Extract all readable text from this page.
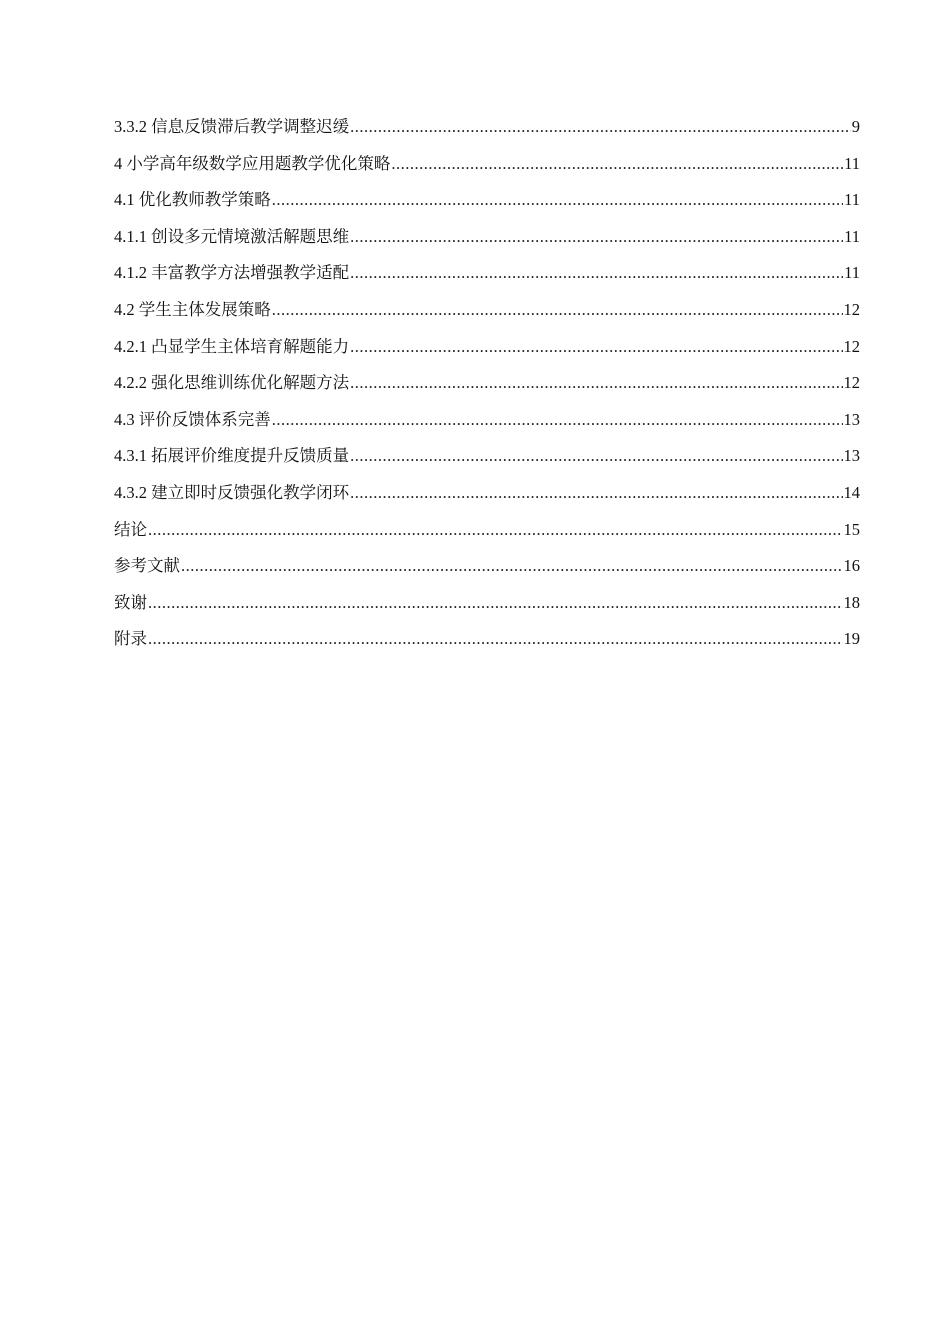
3.3.2 信息反馈滞后教学调整迟缓 .....	9
4 小学高年级数学应用题教学优化策略 .....	11
4.1 优化教师教学策略 .....	11
4.1.1 创设多元情境激活解题思维 .....	11
4.1.2 丰富教学方法增强教学适配 .....	11
4.2 学生主体发展策略 .....	12
4.2.1 凸显学生主体培育解题能力 .....	12
4.2.2 强化思维训练优化解题方法 .....	12
4.3 评价反馈体系完善 .....	13
4.3.1 拓展评价维度提升反馈质量 .....	13
4.3.2 建立即时反馈强化教学闭环 .....	14
结论 .....	15
参考文献 .....	16
致谢 .....	18
附录 .....	19
